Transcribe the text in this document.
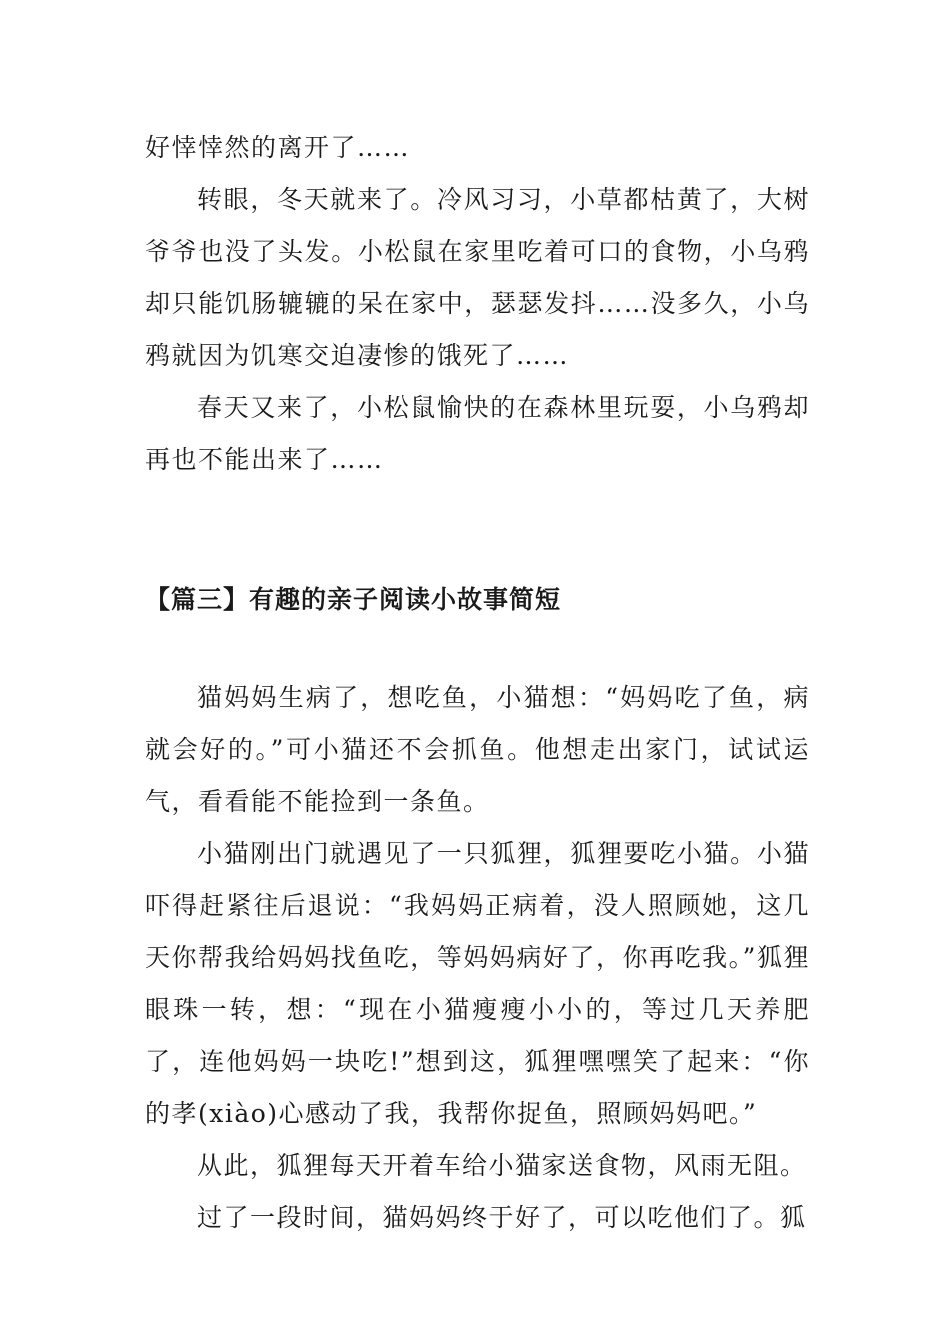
好悻悻然的离开了……

转眼，冬天就来了。冷风习习，小草都枯黄了，大树爷爷也没了头发。小松鼠在家里吃着可口的食物，小乌鸦却只能饥肠辘辘的呆在家中，瑟瑟发抖……没多久，小乌鸦就因为饥寒交迫凄惨的饿死了……

春天又来了，小松鼠愉快的在森林里玩耍，小乌鸦却再也不能出来了……

【篇三】有趣的亲子阅读小故事简短

猫妈妈生病了，想吃鱼，小猫想：“妈妈吃了鱼，病就会好的。”可小猫还不会抓鱼。他想走出家门，试试运气，看看能不能捡到一条鱼。

小猫刚出门就遇见了一只狐狸，狐狸要吃小猫。小猫吓得赶紧往后退说：“我妈妈正病着，没人照顾她，这几天你帮我给妈妈找鱼吃，等妈妈病好了，你再吃我。”狐狸眼珠一转，想：“现在小猫瘦瘦小小的，等过几天养肥了，连他妈妈一块吃!”想到这，狐狸嘿嘿笑了起来：“你的孝(xiào)心感动了我，我帮你捉鱼，照顾妈妈吧。”

从此，狐狸每天开着车给小猫家送食物，风雨无阻。

过了一段时间，猫妈妈终于好了，可以吃他们了。狐
